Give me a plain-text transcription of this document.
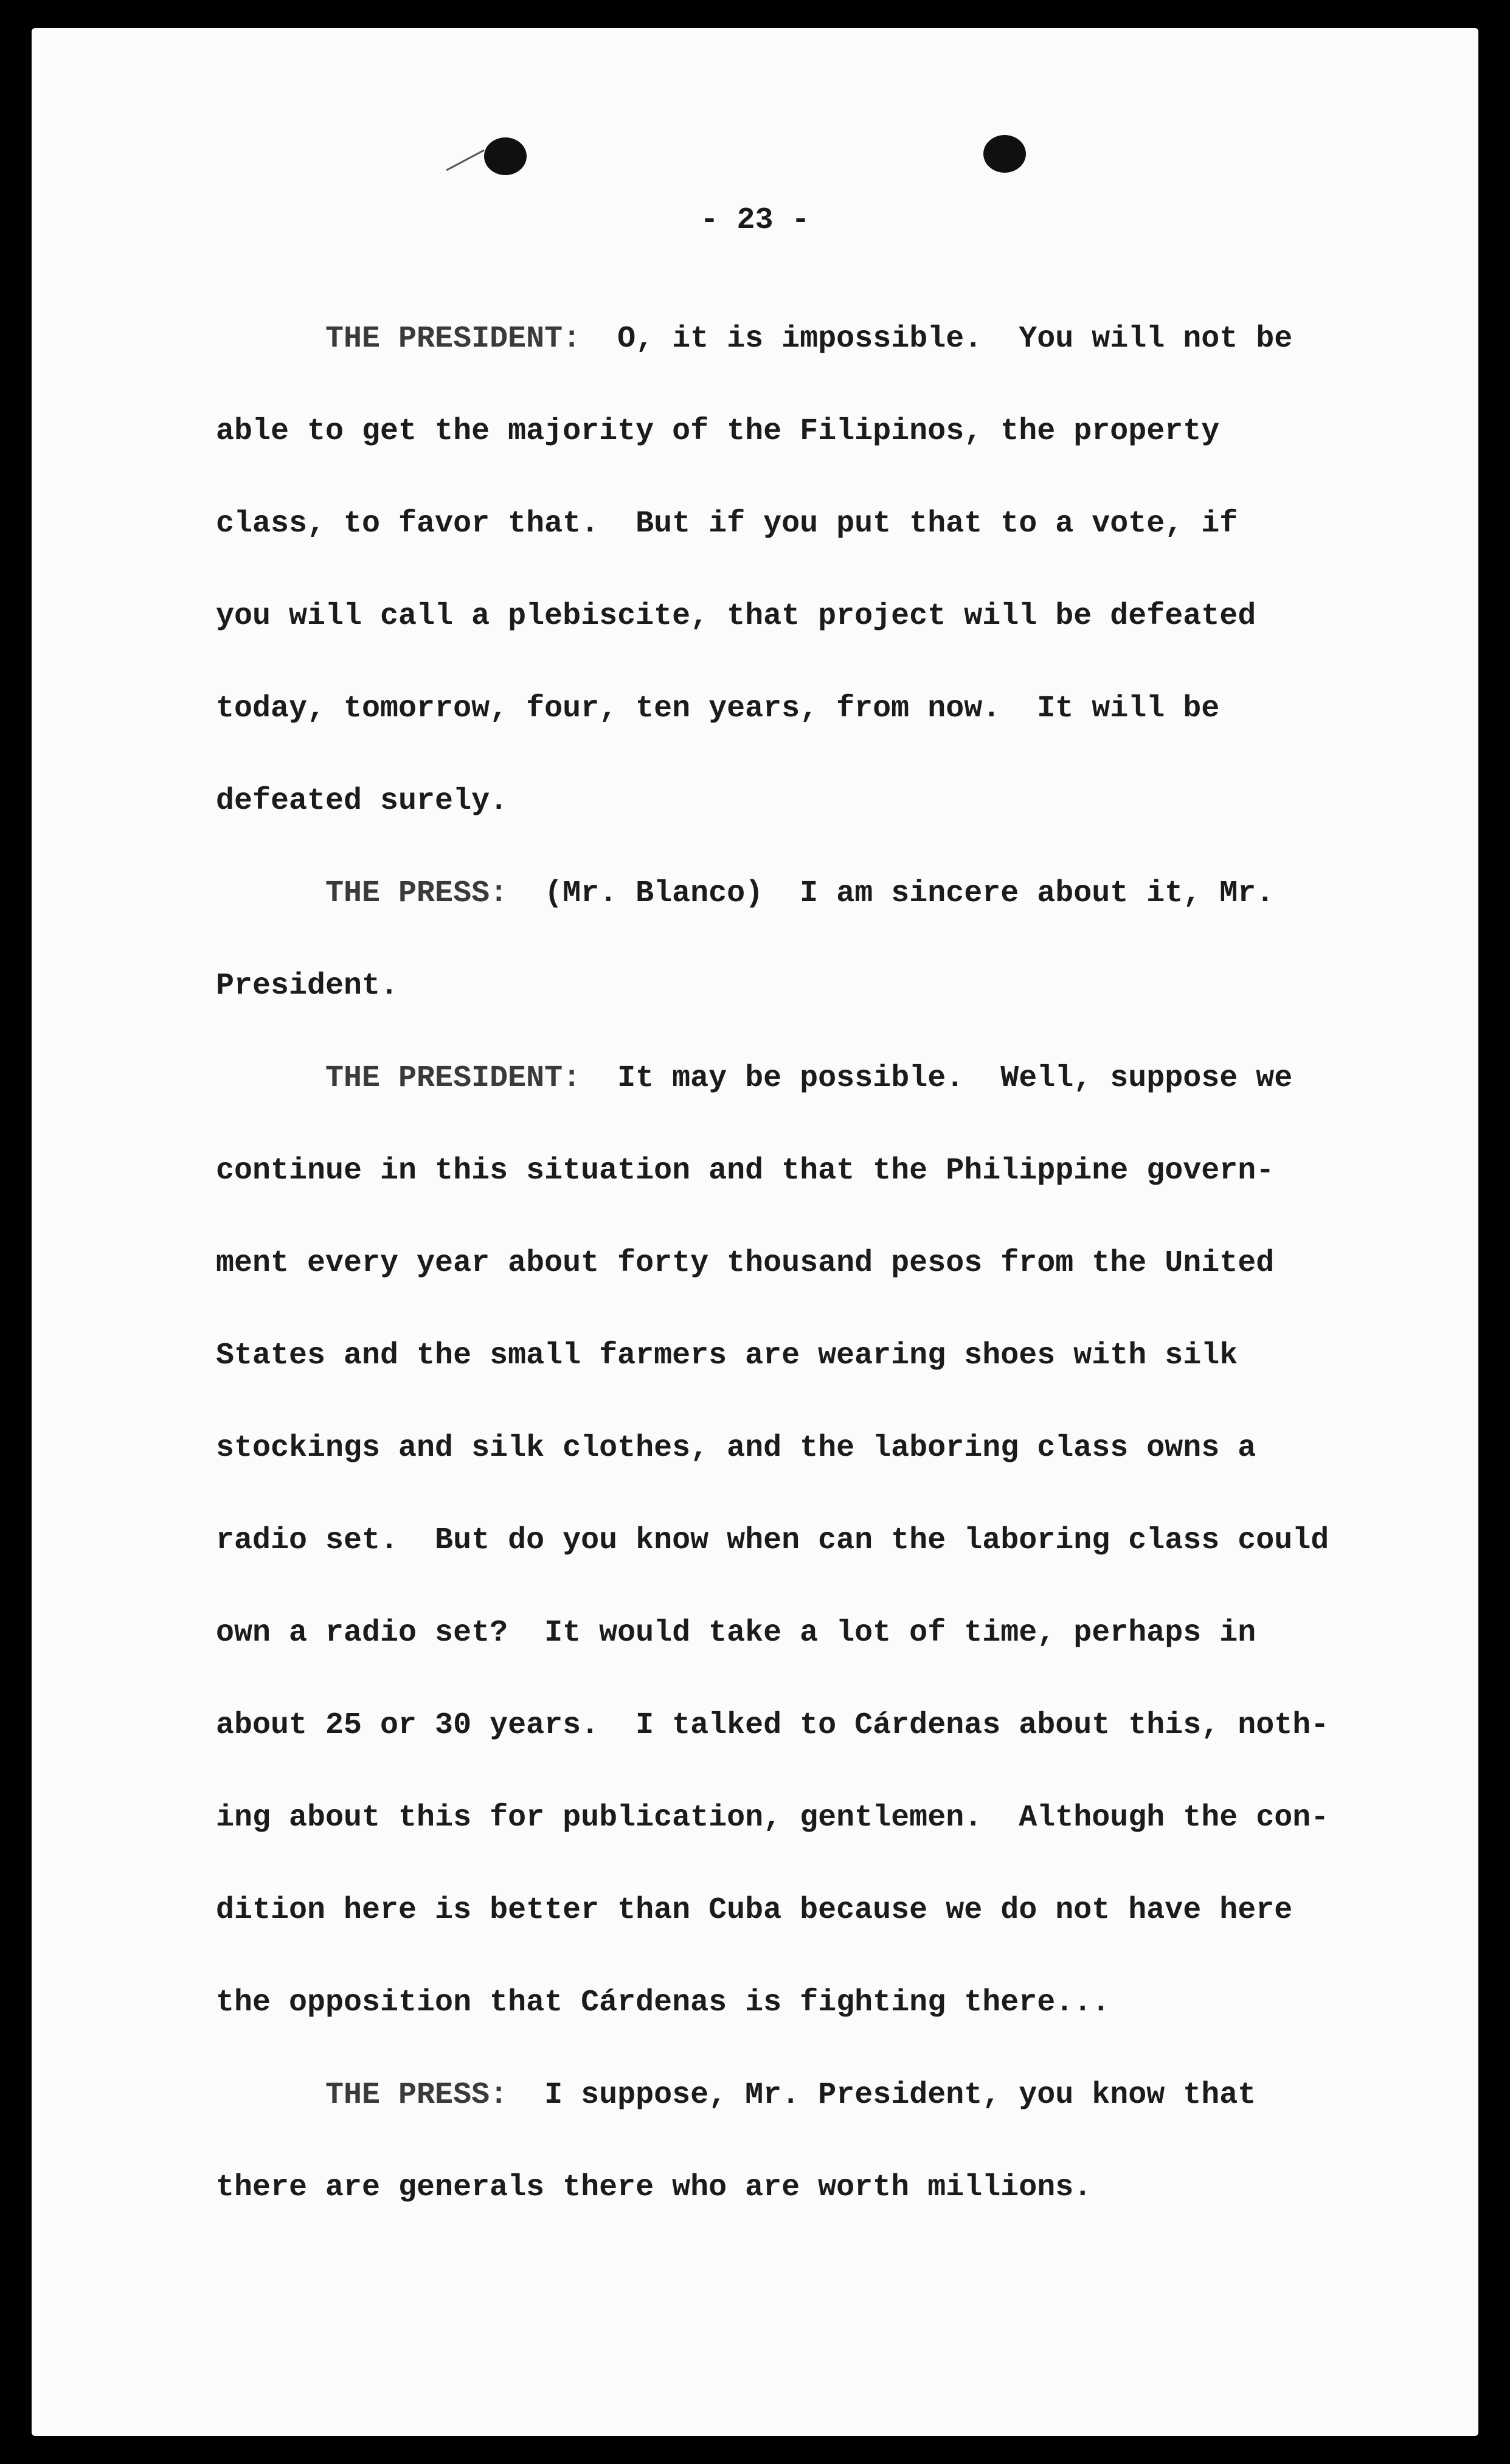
- 23 -
THE PRESIDENT: O, it is impossible.  You will not be
able to get the majority of the Filipinos, the property
class, to favor that.  But if you put that to a vote, if
you will call a plebiscite, that project will be defeated
today, tomorrow, four, ten years, from now.  It will be
defeated surely.
THE PRESS: (Mr. Blanco)  I am sincere about it, Mr.
President.
THE PRESIDENT: It may be possible.  Well, suppose we
continue in this situation and that the Philippine govern-
ment every year about forty thousand pesos from the United
States and the small farmers are wearing shoes with silk
stockings and silk clothes, and the laboring class owns a
radio set.  But do you know when can the laboring class could
own a radio set?  It would take a lot of time, perhaps in
about 25 or 30 years.  I talked to Cárdenas about this, noth-
ing about this for publication, gentlemen.  Although the con-
dition here is better than Cuba because we do not have here
the opposition that Cárdenas is fighting there...
THE PRESS: I suppose, Mr. President, you know that
there are generals there who are worth millions.
